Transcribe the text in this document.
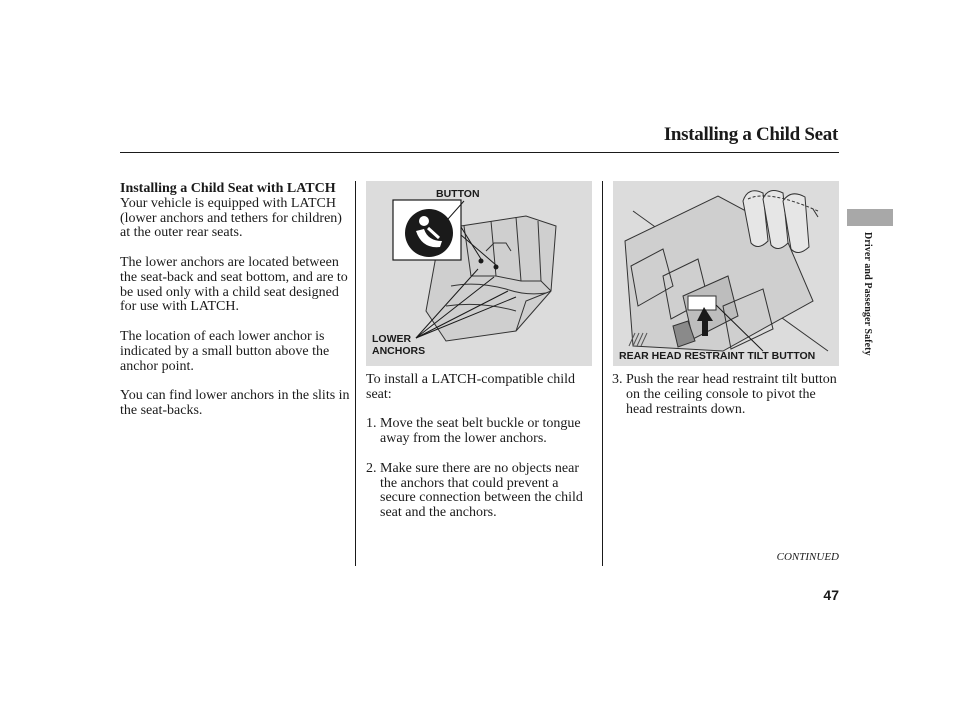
Installing a Child Seat
Installing a Child Seat with LATCH

Your vehicle is equipped with LATCH (lower anchors and tethers for children) at the outer rear seats.

The lower anchors are located between the seat-back and seat bottom, and are to be used only with a child seat designed for use with LATCH.

The location of each lower anchor is indicated by a small button above the anchor point.

You can find lower anchors in the slits in the seat-backs.

BUTTON
LOWER
ANCHORS	REAR HEAD RESTRAINT TILT BUTTON

To install a LATCH-compatible child seat:

1. Move the seat belt buckle or tongue away from the lower anchors.

2. Make sure there are no objects near the anchors that could prevent a secure connection between the child seat and the anchors.

3. Push the rear head restraint tilt button on the ceiling console to pivot the head restraints down.

CONTINUED
47
Driver and Passenger Safety
